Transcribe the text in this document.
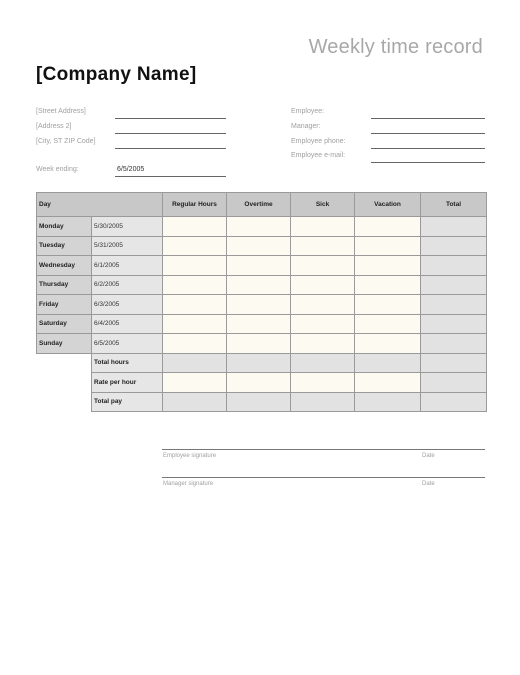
Weekly time record
[Company Name]
[Street Address]
[Address 2]
[City, ST ZIP Code]
Employee:
Manager:
Employee phone:
Employee e-mail:
Week ending:	6/5/2005
Day		Regular Hours	Overtime	Sick	Vacation	Total
Monday	5/30/2005					
Tuesday	5/31/2005					
Wednesday	6/1/2005					
Thursday	6/2/2005					
Friday	6/3/2005					
Saturday	6/4/2005					
Sunday	6/5/2005					
	Total hours					
	Rate per hour					
	Total pay					
Employee signature	Date
Manager signature	Date
